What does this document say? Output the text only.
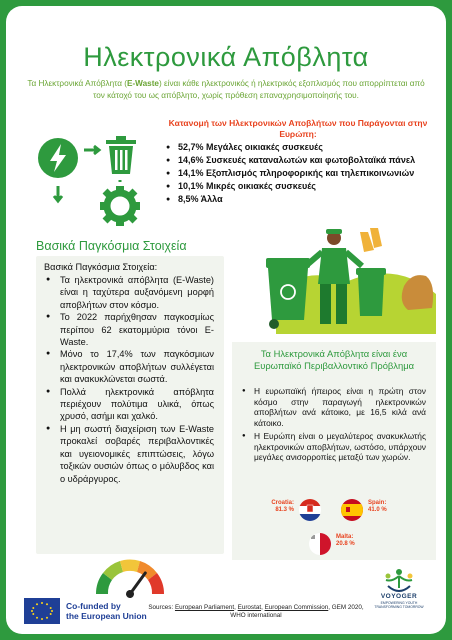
Ηλεκτρονικά Απόβλητα
Τα Ηλεκτρονικά Απόβλητα (E-Waste) είναι κάθε ηλεκτρονικός ή ηλεκτρικός εξοπλισμός που απορρίπτεται από τον κάτοχό του ως απόβλητο, χωρίς πρόθεση επαναχρησιμοποίησής του.
Κατανομή των Ηλεκτρονικών Αποβλήτων που Παράγονται στην Ευρώπη:
● 52,7% Μεγάλες οικιακές συσκευές
● 14,6% Συσκευές καταναλωτών και φωτοβολταϊκά πάνελ
● 14,1% Εξοπλισμός πληροφορικής και τηλεπικοινωνιών
● 10,1% Μικρές οικιακές συσκευές
● 8,5% Άλλα
Βασικά Παγκόσμια Στοιχεία
Βασικά Παγκόσμια Στοιχεία:
● Τα ηλεκτρονικά απόβλητα (E-Waste) είναι η ταχύτερα αυξανόμενη μορφή αποβλήτων στον κόσμο.
● Το 2022 παρήχθησαν παγκοσμίως περίπου 62 εκατομμύρια τόνοι E-Waste.
● Μόνο το 17,4% των παγκόσμιων ηλεκτρονικών αποβλήτων συλλέγεται και ανακυκλώνεται σωστά.
● Πολλά ηλεκτρονικά απόβλητα περιέχουν πολύτιμα υλικά, όπως χρυσό, ασήμι και χαλκό.
● Η μη σωστή διαχείριση των E-Waste προκαλεί σοβαρές περιβαλλοντικές και υγειονομικές επιπτώσεις, λόγω τοξικών ουσιών όπως ο μόλυβδος και ο υδράργυρος.
Τα Ηλεκτρονικά Απόβλητα είναι ένα Ευρωπαϊκό Περιβαλλοντικό Πρόβλημα
● Η ευρωπαϊκή ήπειρος είναι η πρώτη στον κόσμο στην παραγωγή ηλεκτρονικών αποβλήτων ανά κάτοικο, με 16,5 κιλά ανά κάτοικο.
● Η Ευρώπη είναι ο μεγαλύτερος ανακυκλωτής ηλεκτρονικών αποβλήτων, ωστόσο, υπάρχουν μεγάλες ανισορροπίες μεταξύ των χωρών.
Croatia:
81.3 %
Spain:
41.0 %
Malta:
20.8 %
VOYOGER
EMPOWERING YOUTH TRANSFORMING TOMORROW
Co-funded by
the European Union
Sources: European Parliament, Eurostat, European Commission, GEM 2020,
WHO international
